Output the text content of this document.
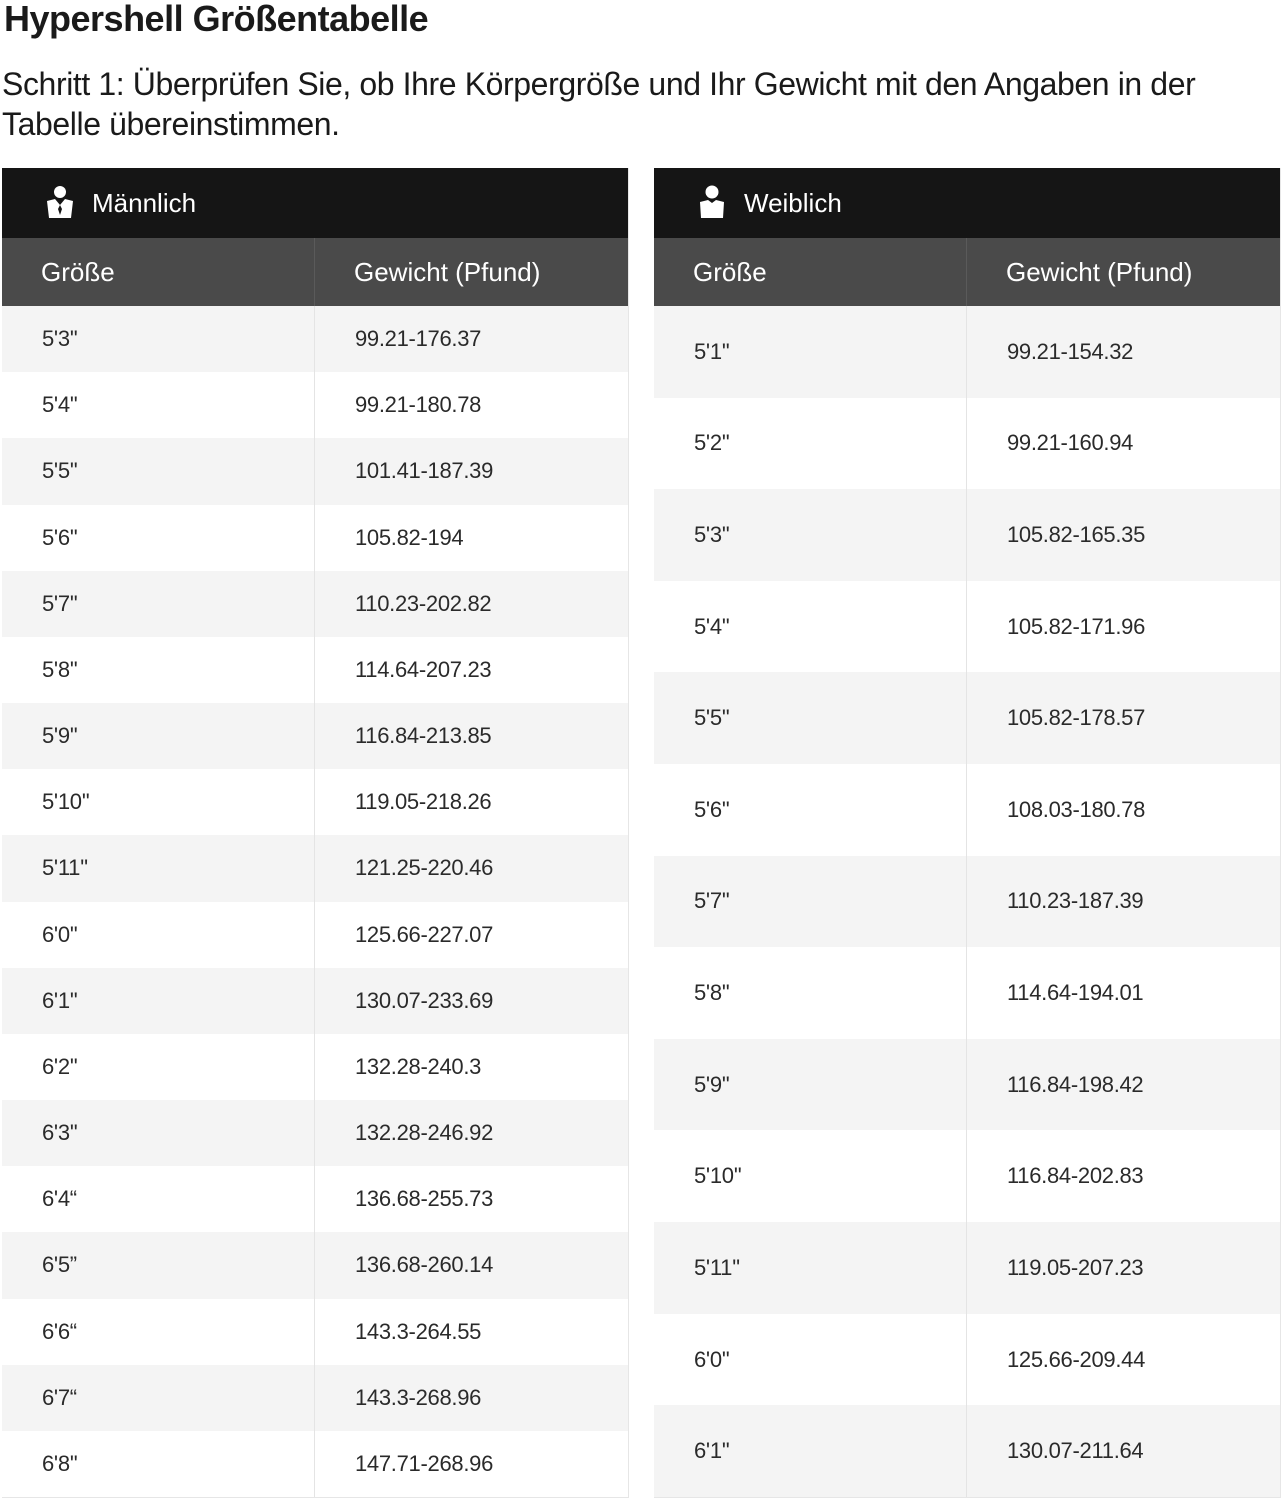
Hypershell Größentabelle

Schritt 1: Überprüfen Sie, ob Ihre Körpergröße und Ihr Gewicht mit den Angaben in der Tabelle übereinstimmen.

Männlich
Größe	Gewicht (Pfund)
5'3''	99.21-176.37
5'4''	99.21-180.78
5'5''	101.41-187.39
5'6''	105.82-194
5'7''	110.23-202.82
5'8''	114.64-207.23
5'9''	116.84-213.85
5'10''	119.05-218.26
5'11''	121.25-220.46
6'0''	125.66-227.07
6'1''	130.07-233.69
6'2''	132.28-240.3
6'3''	132.28-246.92
6'4“	136.68-255.73
6'5”	136.68-260.14
6'6“	143.3-264.55
6'7“	143.3-268.96
6'8''	147.71-268.96
Weiblich
Größe	Gewicht (Pfund)
5'1''	99.21-154.32
5'2''	99.21-160.94
5'3''	105.82-165.35
5'4''	105.82-171.96
5'5''	105.82-178.57
5'6''	108.03-180.78
5'7''	110.23-187.39
5'8''	114.64-194.01
5'9''	116.84-198.42
5'10''	116.84-202.83
5'11''	119.05-207.23
6'0''	125.66-209.44
6'1''	130.07-211.64
